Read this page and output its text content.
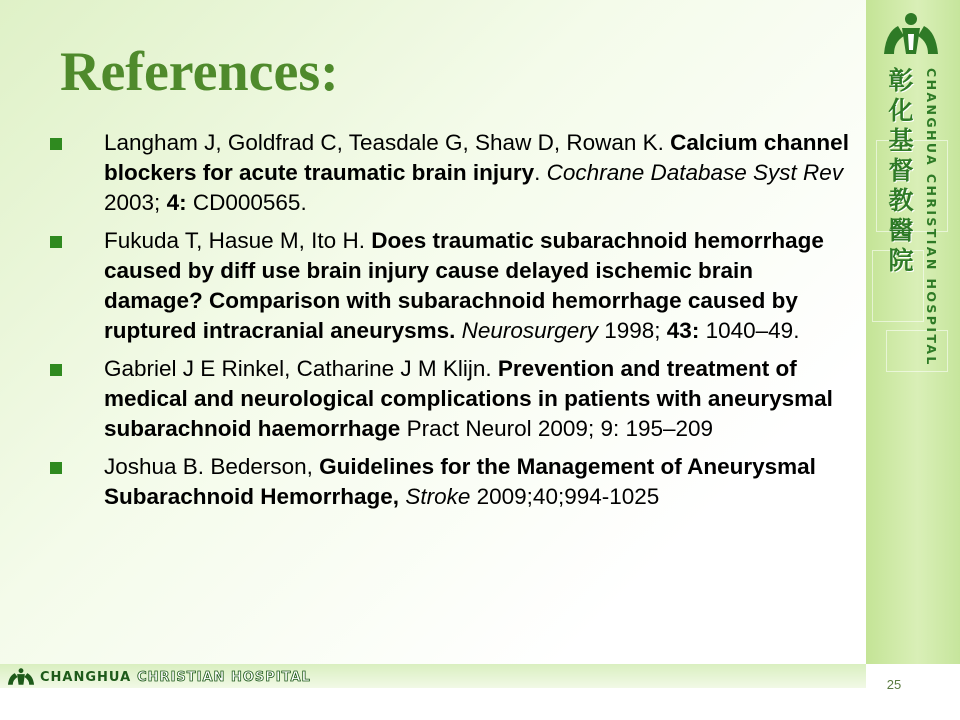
彰
化
基
督
教
醫
院 CHANGHUA CHRISTIAN HOSPITAL
References:
Langham J, Goldfrad C, Teasdale G, Shaw D, Rowan K. Calcium channel blockers for acute traumatic brain injury. Cochrane Database Syst Rev 2003; 4: CD000565.
Fukuda T, Hasue M, Ito H. Does traumatic subarachnoid hemorrhage caused by diff use brain injury cause delayed ischemic brain damage? Comparison with subarachnoid hemorrhage caused by ruptured intracranial aneurysms. Neurosurgery 1998; 43: 1040–49.
Gabriel J E Rinkel, Catharine J M Klijn. Prevention and treatment of medical and neurological complications in patients with aneurysmal subarachnoid haemorrhage Pract Neurol 2009; 9: 195–209
Joshua B. Bederson, Guidelines for the Management of Aneurysmal Subarachnoid Hemorrhage, Stroke 2009;40;994-1025
CHANGHUA CHRISTIAN HOSPITAL	25
